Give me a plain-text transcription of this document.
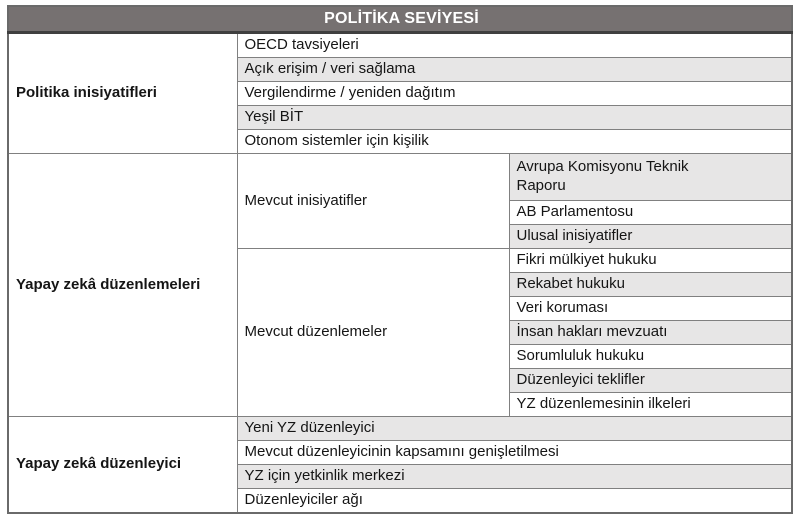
POLİTİKA SEVİYESİ		
Politika inisiyatifleri	OECD tavsiyeleri	
	Açık erişim / veri sağlama	
	Vergilendirme / yeniden dağıtım	
	Yeşil BİT	
	Otonom sistemler için kişilik	
Yapay zekâ düzenlemeleri	Mevcut inisiyatifler	Avrupa Komisyonu Teknik Raporu
		AB Parlamentosu
		Ulusal inisiyatifler
	Mevcut düzenlemeler	Fikri mülkiyet hukuku
		Rekabet hukuku
		Veri koruması
		İnsan hakları mevzuatı
		Sorumluluk hukuku
		Düzenleyici teklifler
		YZ düzenlemesinin ilkeleri
Yapay zekâ düzenleyici	Yeni YZ düzenleyici	
	Mevcut düzenleyicinin kapsamını genişletilmesi	
	YZ için yetkinlik merkezi	
	Düzenleyiciler ağı	
